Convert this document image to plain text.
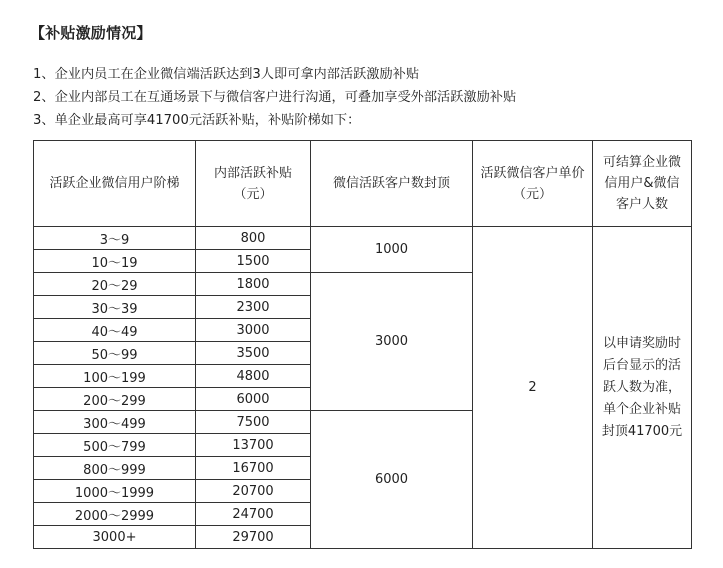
【补贴激励情况】
1、企业内员工在企业微信端活跃达到3人即可拿内部活跃激励补贴
2、企业内部员工在互通场景下与微信客户进行沟通，可叠加享受外部活跃激励补贴
3、单企业最高可享41700元活跃补贴，补贴阶梯如下：
活跃企业微信用户阶梯	内部活跃补贴（元）	微信活跃客户数封顶	活跃微信客户单价（元）	可结算企业微信用户&微信客户人数
3～9	800	1000	2	以申请奖励时后台显示的活跃人数为准，单个企业补贴封顶41700元
10～19	1500			
20～29	1800	3000		
30～39	2300			
40～49	3000			
50～99	3500			
100～199	4800			
200～299	6000			
300～499	7500	6000		
500～799	13700			
800～999	16700			
1000～1999	20700			
2000～2999	24700			
3000+	29700			
